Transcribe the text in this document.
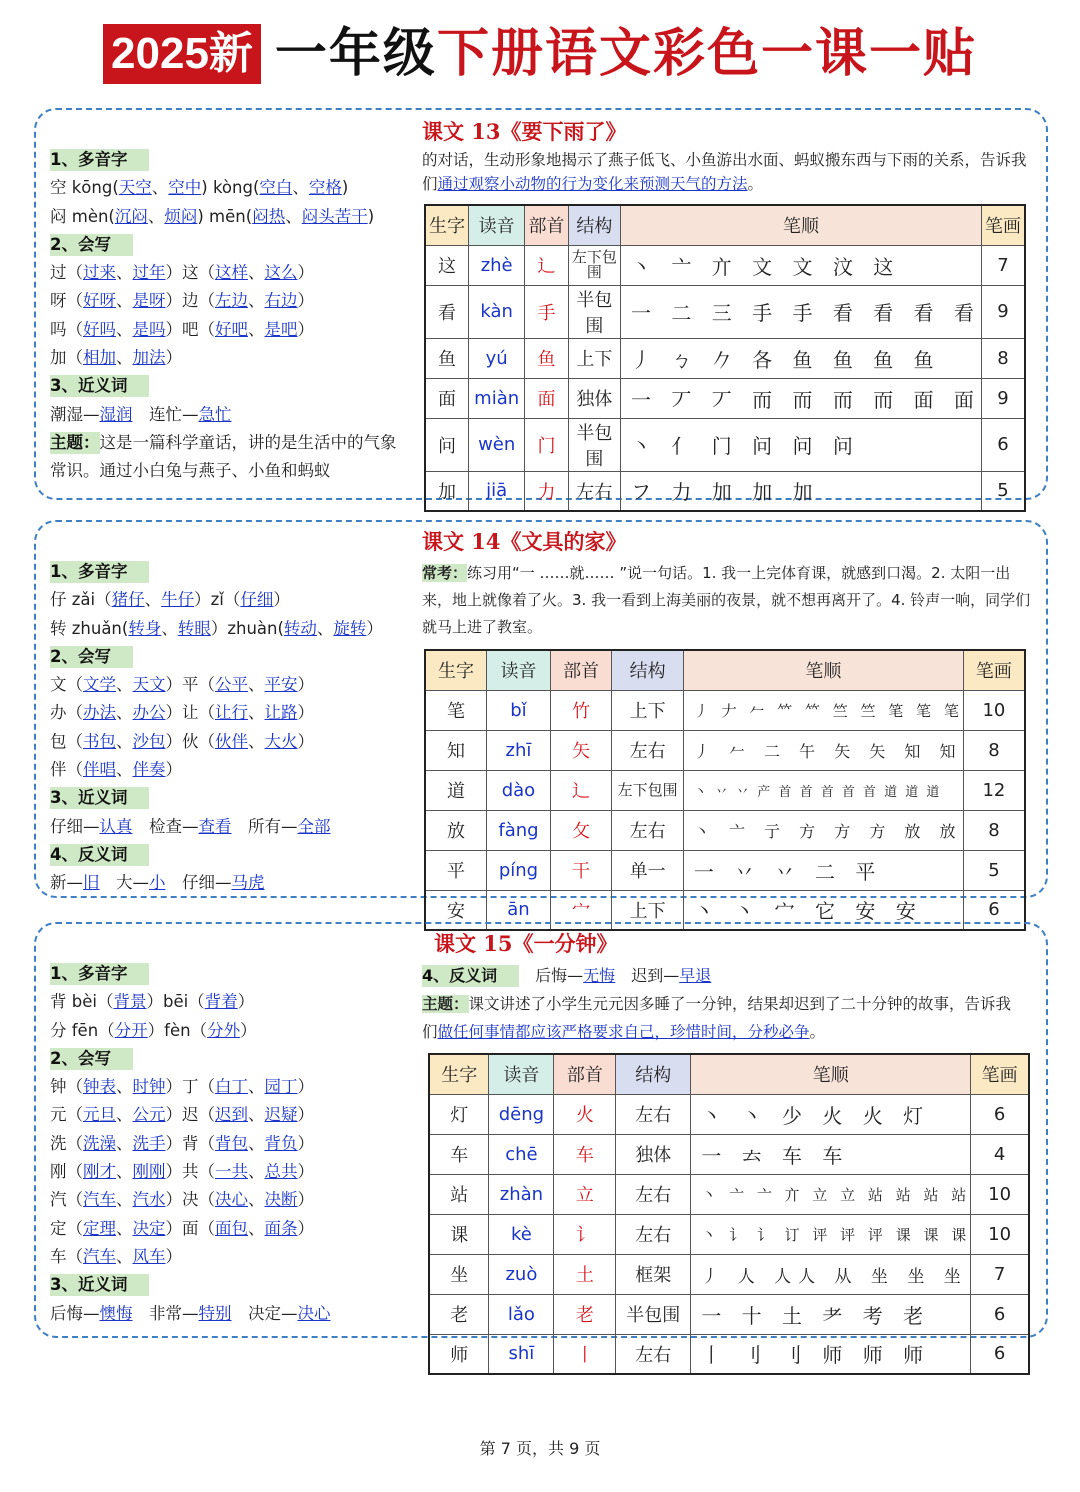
2025新 一年级下册语文彩色一课一贴
课文 13《要下雨了》
的对话，生动形象地揭示了燕子低飞、小鱼游出水面、蚂蚁搬东西与下雨的关系，告诉我们通过观察小动物的行为变化来预测天气的方法。
1、多音字
空 kōng(天空、空中) kòng(空白、空格)
闷 mèn(沉闷、烦闷) mēn(闷热、闷头苦干)
2、会写
过（过来、过年）这（这样、这么）
呀（好呀、是呀）边（左边、右边）
吗（好吗、是吗）吧（好吧、是吧）
加（相加、加法）
3、近义词
潮湿—湿润　连忙—急忙
主题：这是一篇科学童话，讲的是生活中的气象常识。通过小白兔与燕子、小鱼和蚂蚁
生字	读音	部首	结构	笔顺	笔画
这	zhè	辶	左下包围	丶 亠 亣 文 文 汶 这	7
看	kàn	手	半包围	一 二 三 手 手 看 看 看 看	9
鱼	yú	鱼	上下	丿 ㄅ 𠂊 各 鱼 鱼 鱼 鱼	8
面	miàn	面	独体	一 丆 丆 而 而 而 而 面 面	9
问	wèn	门	半包围	丶 亻 门 问 问 问	6
加	jiā	力	左右	フ 力 加 加 加	5
课文 14《文具的家》
常考：练习用“一 ……就…… ”说一句话。1. 我一上完体育课，就感到口渴。2. 太阳一出来，地上就像着了火。3. 我一看到上海美丽的夜景，就不想再离开了。4. 铃声一响，同学们就马上进了教室。
1、多音字
仔 zǎi（猪仔、牛仔）zǐ（仔细）
转 zhuǎn(转身、转眼）zhuàn(转动、旋转）
2、会写
文（文学、天文）平（公平、平安）
办（办法、办公）让（让行、让路）
包（书包、沙包）伙（伙伴、大火）
伴（伴唱、伴奏）
3、近义词
仔细—认真　检查—查看　所有—全部
4、反义词
新—旧　大—小　仔细—马虎
生字	读音	部首	结构	笔顺	笔画
笔	bǐ	竹	上下	丿 𠂇 𠂉 𥫗 𥫗 竺 竺 笔 笔 笔	10
知	zhī	矢	左右	丿 𠂉 二 午 矢 矢 知 知	8
道	dào	辶	左下包围	丶 丷 丷 产 首 首 首 首 首 道 道 道	12
放	fàng	攵	左右	丶 亠 亍 方 方 方 放 放	8
平	píng	干	单一	一 丷 丷 二 平	5
安	ān	宀	上下	丶 丶 宀 它 安 安	6
课文 15《一分钟》
4、反义词　 后悔—无悔　迟到—早退
主题：课文讲述了小学生元元因多睡了一分钟，结果却迟到了二十分钟的故事，告诉我们做任何事情都应该严格要求自己，珍惜时间，分秒必争。
1、多音字
背 bèi（背景）bēi（背着）
分 fēn（分开）fèn（分外）
2、会写
钟（钟表、时钟）丁（白丁、园丁）
元（元旦、公元）迟（迟到、迟疑）
洗（洗澡、洗手）背（背包、背负）
刚（刚才、刚刚）共（一共、总共）
汽（汽车、汽水）决（决心、决断）
定（定理、决定）面（面包、面条）
车（汽车、风车）
3、近义词
后悔—懊悔　非常—特别　决定—决心
生字	读音	部首	结构	笔顺	笔画
灯	dēng	火	左右	丶 丶 少 火 火 灯	6
车	chē	车	独体	一 𠫓 车 车	4
站	zhàn	立	左右	丶 亠 亠 亣 立 立 站 站 站 站	10
课	kè	讠	左右	丶 讠 讠 订 评 评 评 课 课 课	10
坐	zuò	土	框架	丿 人 人人 从 坐 坐 坐	7
老	lǎo	老	半包围	一 十 土 耂 考 老	6
师	shī	丨	左右	丨 刂 刂 师 师 师	6
第 7 页，共 9 页
